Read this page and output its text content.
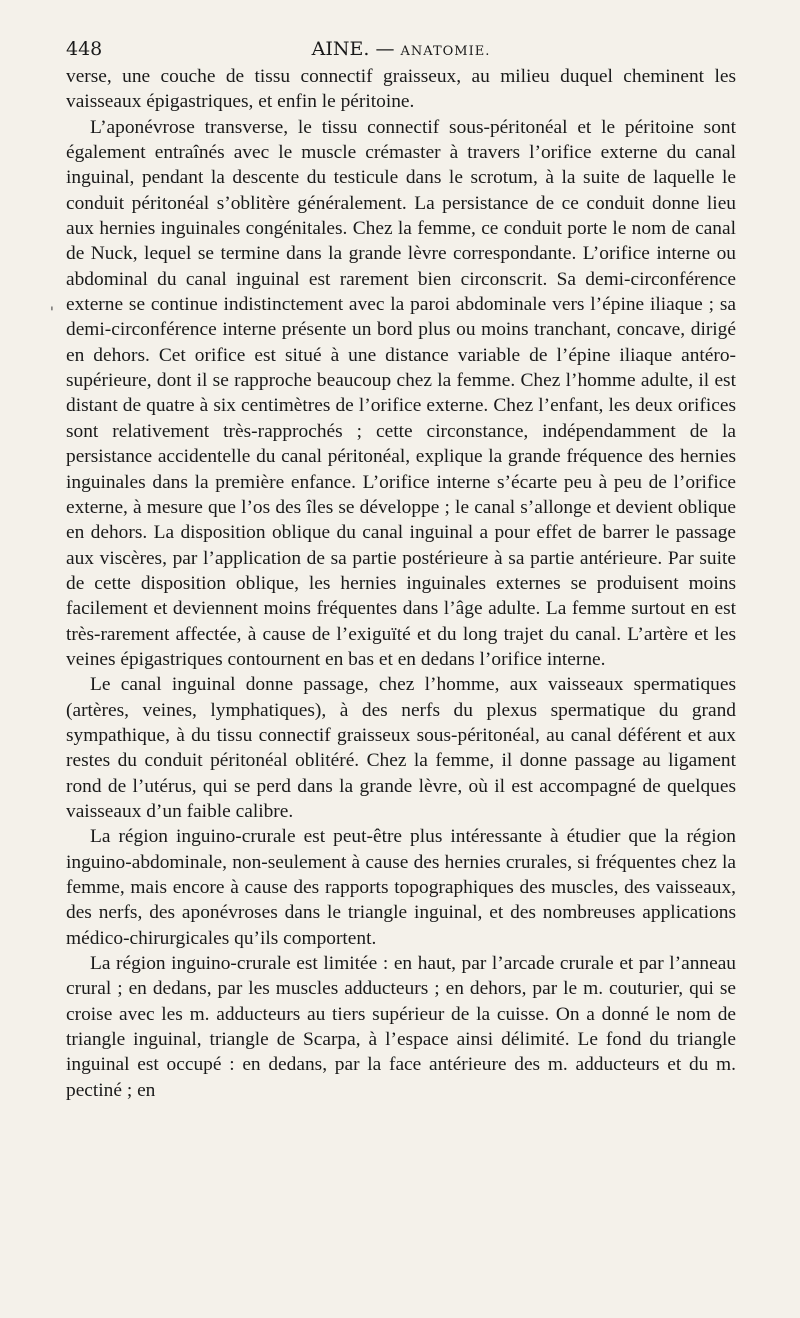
448	AINE. — ANATOMIE.

verse, une couche de tissu connectif graisseux, au milieu duquel cheminent les vaisseaux épigastriques, et enfin le péritoine.

L’aponévrose transverse, le tissu connectif sous-péritonéal et le péritoine sont également entraînés avec le muscle crémaster à travers l’orifice externe du canal inguinal, pendant la descente du testicule dans le scrotum, à la suite de laquelle le conduit péritonéal s’oblitère généralement. La persistance de ce conduit donne lieu aux hernies inguinales congénitales. Chez la femme, ce conduit porte le nom de canal de Nuck, lequel se termine dans la grande lèvre correspondante. L’orifice interne ou abdominal du canal inguinal est rarement bien circonscrit. Sa demi-circonférence externe se continue indistinctement avec la paroi abdominale vers l’épine iliaque ; sa demi-circonférence interne présente un bord plus ou moins tranchant, concave, dirigé en dehors. Cet orifice est situé à une distance variable de l’épine iliaque antéro-supérieure, dont il se rapproche beaucoup chez la femme. Chez l’homme adulte, il est distant de quatre à six centimètres de l’orifice externe. Chez l’enfant, les deux orifices sont relativement très-rapprochés ; cette circonstance, indépendamment de la persistance accidentelle du canal péritonéal, explique la grande fréquence des hernies inguinales dans la première enfance. L’orifice interne s’écarte peu à peu de l’orifice externe, à mesure que l’os des îles se développe ; le canal s’allonge et devient oblique en dehors. La disposition oblique du canal inguinal a pour effet de barrer le passage aux viscères, par l’application de sa partie postérieure à sa partie antérieure. Par suite de cette disposition oblique, les hernies inguinales externes se produisent moins facilement et deviennent moins fréquentes dans l’âge adulte. La femme surtout en est très-rarement affectée, à cause de l’exiguïté et du long trajet du canal. L’artère et les veines épigastriques contournent en bas et en dedans l’orifice interne.

Le canal inguinal donne passage, chez l’homme, aux vaisseaux spermatiques (artères, veines, lymphatiques), à des nerfs du plexus spermatique du grand sympathique, à du tissu connectif graisseux sous-péritonéal, au canal déférent et aux restes du conduit péritonéal oblitéré. Chez la femme, il donne passage au ligament rond de l’utérus, qui se perd dans la grande lèvre, où il est accompagné de quelques vaisseaux d’un faible calibre.

La région inguino-crurale est peut-être plus intéressante à étudier que la région inguino-abdominale, non-seulement à cause des hernies crurales, si fréquentes chez la femme, mais encore à cause des rapports topographiques des muscles, des vaisseaux, des nerfs, des aponévroses dans le triangle inguinal, et des nombreuses applications médico-chirurgicales qu’ils comportent.

La région inguino-crurale est limitée : en haut, par l’arcade crurale et par l’anneau crural ; en dedans, par les muscles adducteurs ; en dehors, par le m. couturier, qui se croise avec les m. adducteurs au tiers supérieur de la cuisse. On a donné le nom de triangle inguinal, triangle de Scarpa, à l’espace ainsi délimité. Le fond du triangle inguinal est occupé : en dedans, par la face antérieure des m. adducteurs et du m. pectiné ; en

'
